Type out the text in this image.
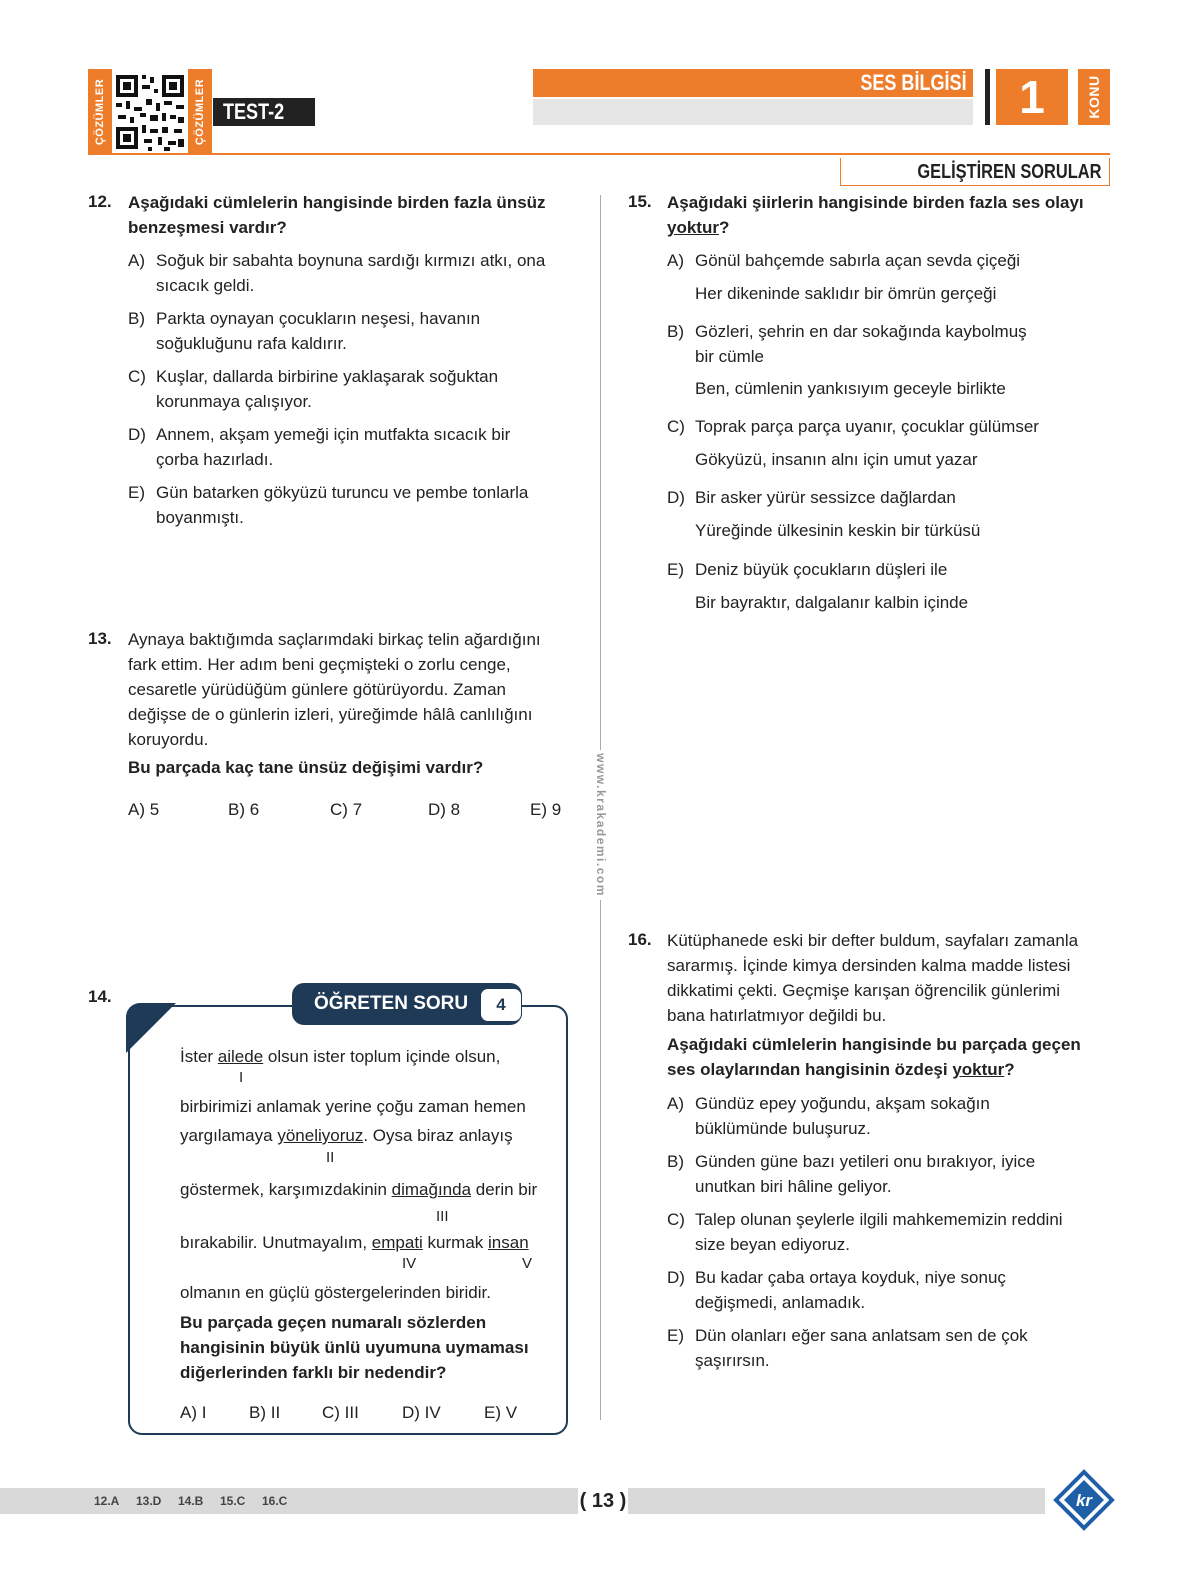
ÇÖZÜMLER	ÇÖZÜMLER TEST-2
SES BİLGİSİ	1	KONU
GELİŞTİREN SORULAR
12. Aşağıdaki cümlelerin hangisinde birden fazla ünsüz
benzeşmesi vardır?
A) Soğuk bir sabahta boynuna sardığı kırmızı atkı, ona
sıcacık geldi.
B) Parkta oynayan çocukların neşesi, havanın
soğukluğunu rafa kaldırır.
C) Kuşlar, dallarda birbirine yaklaşarak soğuktan
korunmaya çalışıyor.
D) Annem, akşam yemeği için mutfakta sıcacık bir
çorba hazırladı.
E) Gün batarken gökyüzü turuncu ve pembe tonlarla
boyanmıştı.
13. Aynaya baktığımda saçlarımdaki birkaç telin ağardığını
fark ettim. Her adım beni geçmişteki o zorlu cenge,
cesaretle yürüdüğüm günlere götürüyordu. Zaman
değişse de o günlerin izleri, yüreğimde hâlâ canlılığını
koruyordu.
Bu parçada kaç tane ünsüz değişimi vardır?
A) 5	B) 6	C) 7	D) 8	E) 9
14.	ÖĞRETEN SORU	4
İster ailede olsun ister toplum içinde olsun,
I
birbirimizi anlamak yerine çoğu zaman hemen
yargılamaya yöneliyoruz. Oysa biraz anlayış
II
göstermek, karşımızdakinin dimağında derin bir
III
bırakabilir. Unutmayalım, empati kurmak insan
IV	V
olmanın en güçlü göstergelerinden biridir.
Bu parçada geçen numaralı sözlerden
hangisinin büyük ünlü uyumuna uymaması
diğerlerinden farklı bir nedendir?
A) I	B) II C) III	D) IV	E) V
www.krakademi.com
15. Aşağıdaki şiirlerin hangisinde birden fazla ses olayı
yoktur?
A) Gönül bahçemde sabırla açan sevda çiçeği
Her dikeninde saklıdır bir ömrün gerçeği
B) Gözleri, şehrin en dar sokağında kaybolmuş
bir cümle
Ben, cümlenin yankısıyım geceyle birlikte
C) Toprak parça parça uyanır, çocuklar gülümser
Gökyüzü, insanın alnı için umut yazar
D) Bir asker yürür sessizce dağlardan
Yüreğinde ülkesinin keskin bir türküsü
E) Deniz büyük çocukların düşleri ile
Bir bayraktır, dalgalanır kalbin içinde
16. Kütüphanede eski bir defter buldum, sayfaları zamanla
sararmış. İçinde kimya dersinden kalma madde listesi
dikkatimi çekti. Geçmişe karışan öğrencilik günlerimi
bana hatırlatmıyor değildi bu.
Aşağıdaki cümlelerin hangisinde bu parçada geçen
ses olaylarından hangisinin özdeşi yoktur?
A) Gündüz epey yoğundu, akşam sokağın
büklümünde buluşuruz.
B) Günden güne bazı yetileri onu bırakıyor, iyice
unutkan biri hâline geliyor.
C) Talep olunan şeylerle ilgili mahkememizin reddini
size beyan ediyoruz.
D) Bu kadar çaba ortaya koyduk, niye sonuç
değişmedi, anlamadık.
E) Dün olanları eğer sana anlatsam sen de çok
şaşırırsın.
12.A 13.D 14.B 15.C 16.C	( 13 )	kr
